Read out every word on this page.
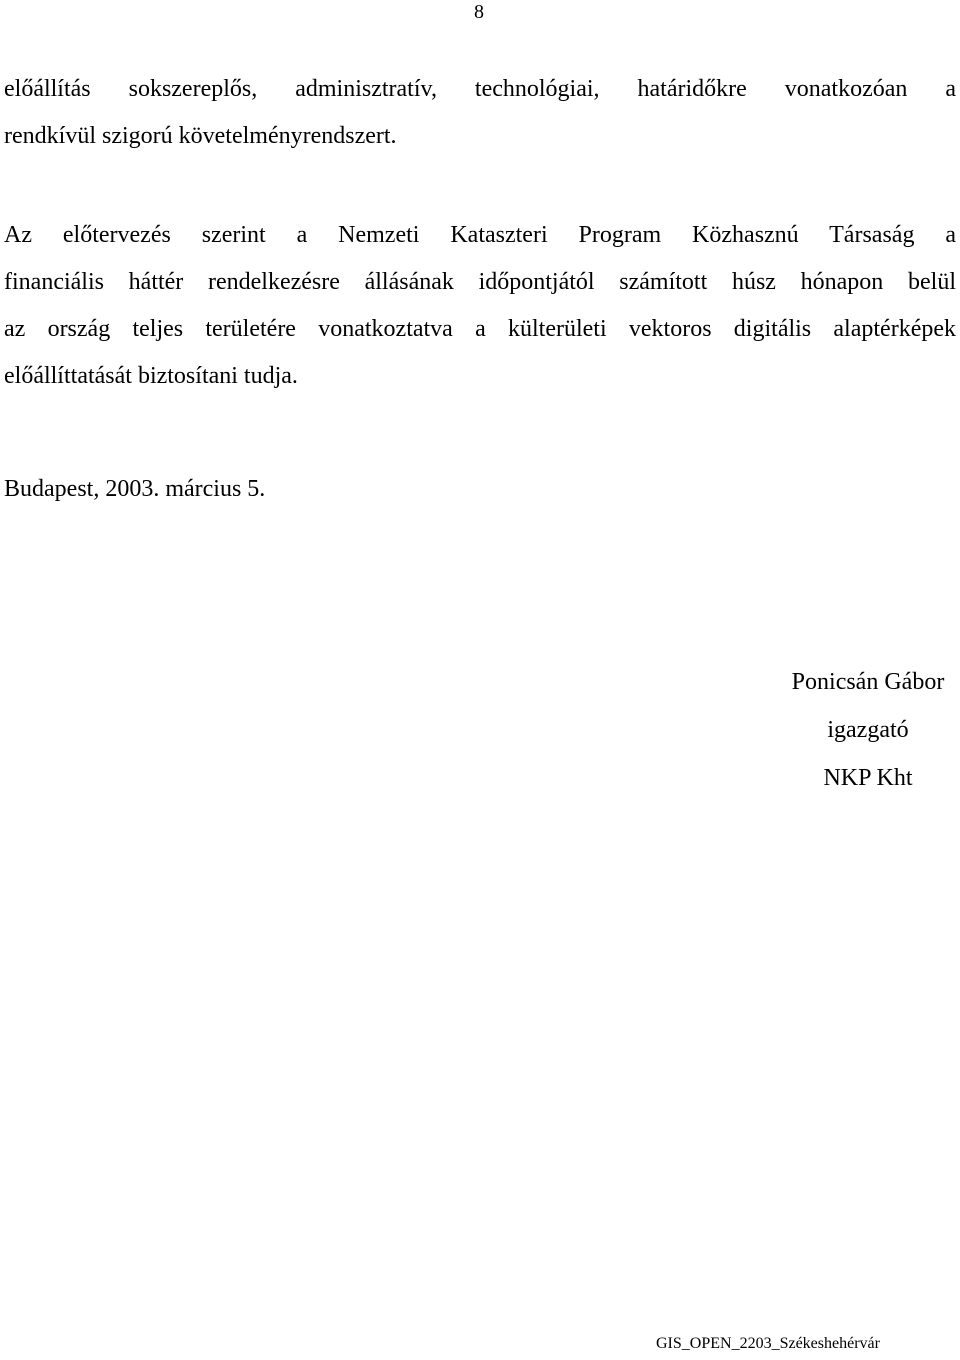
8
előállítás sokszereplős, adminisztratív, technológiai, határidőkre vonatkozóan a
rendkívül szigorú követelményrendszert.
Az előtervezés szerint a Nemzeti Kataszteri Program Közhasznú Társaság a
financiális háttér rendelkezésre állásának időpontjától számított húsz hónapon belül
az ország teljes területére vonatkoztatva a külterületi vektoros digitális alaptérképek
előállíttatását biztosítani tudja.
Budapest, 2003. március 5.
Ponicsán Gábor
igazgató
NKP Kht
GIS_OPEN_2203_Székeshehérvár
